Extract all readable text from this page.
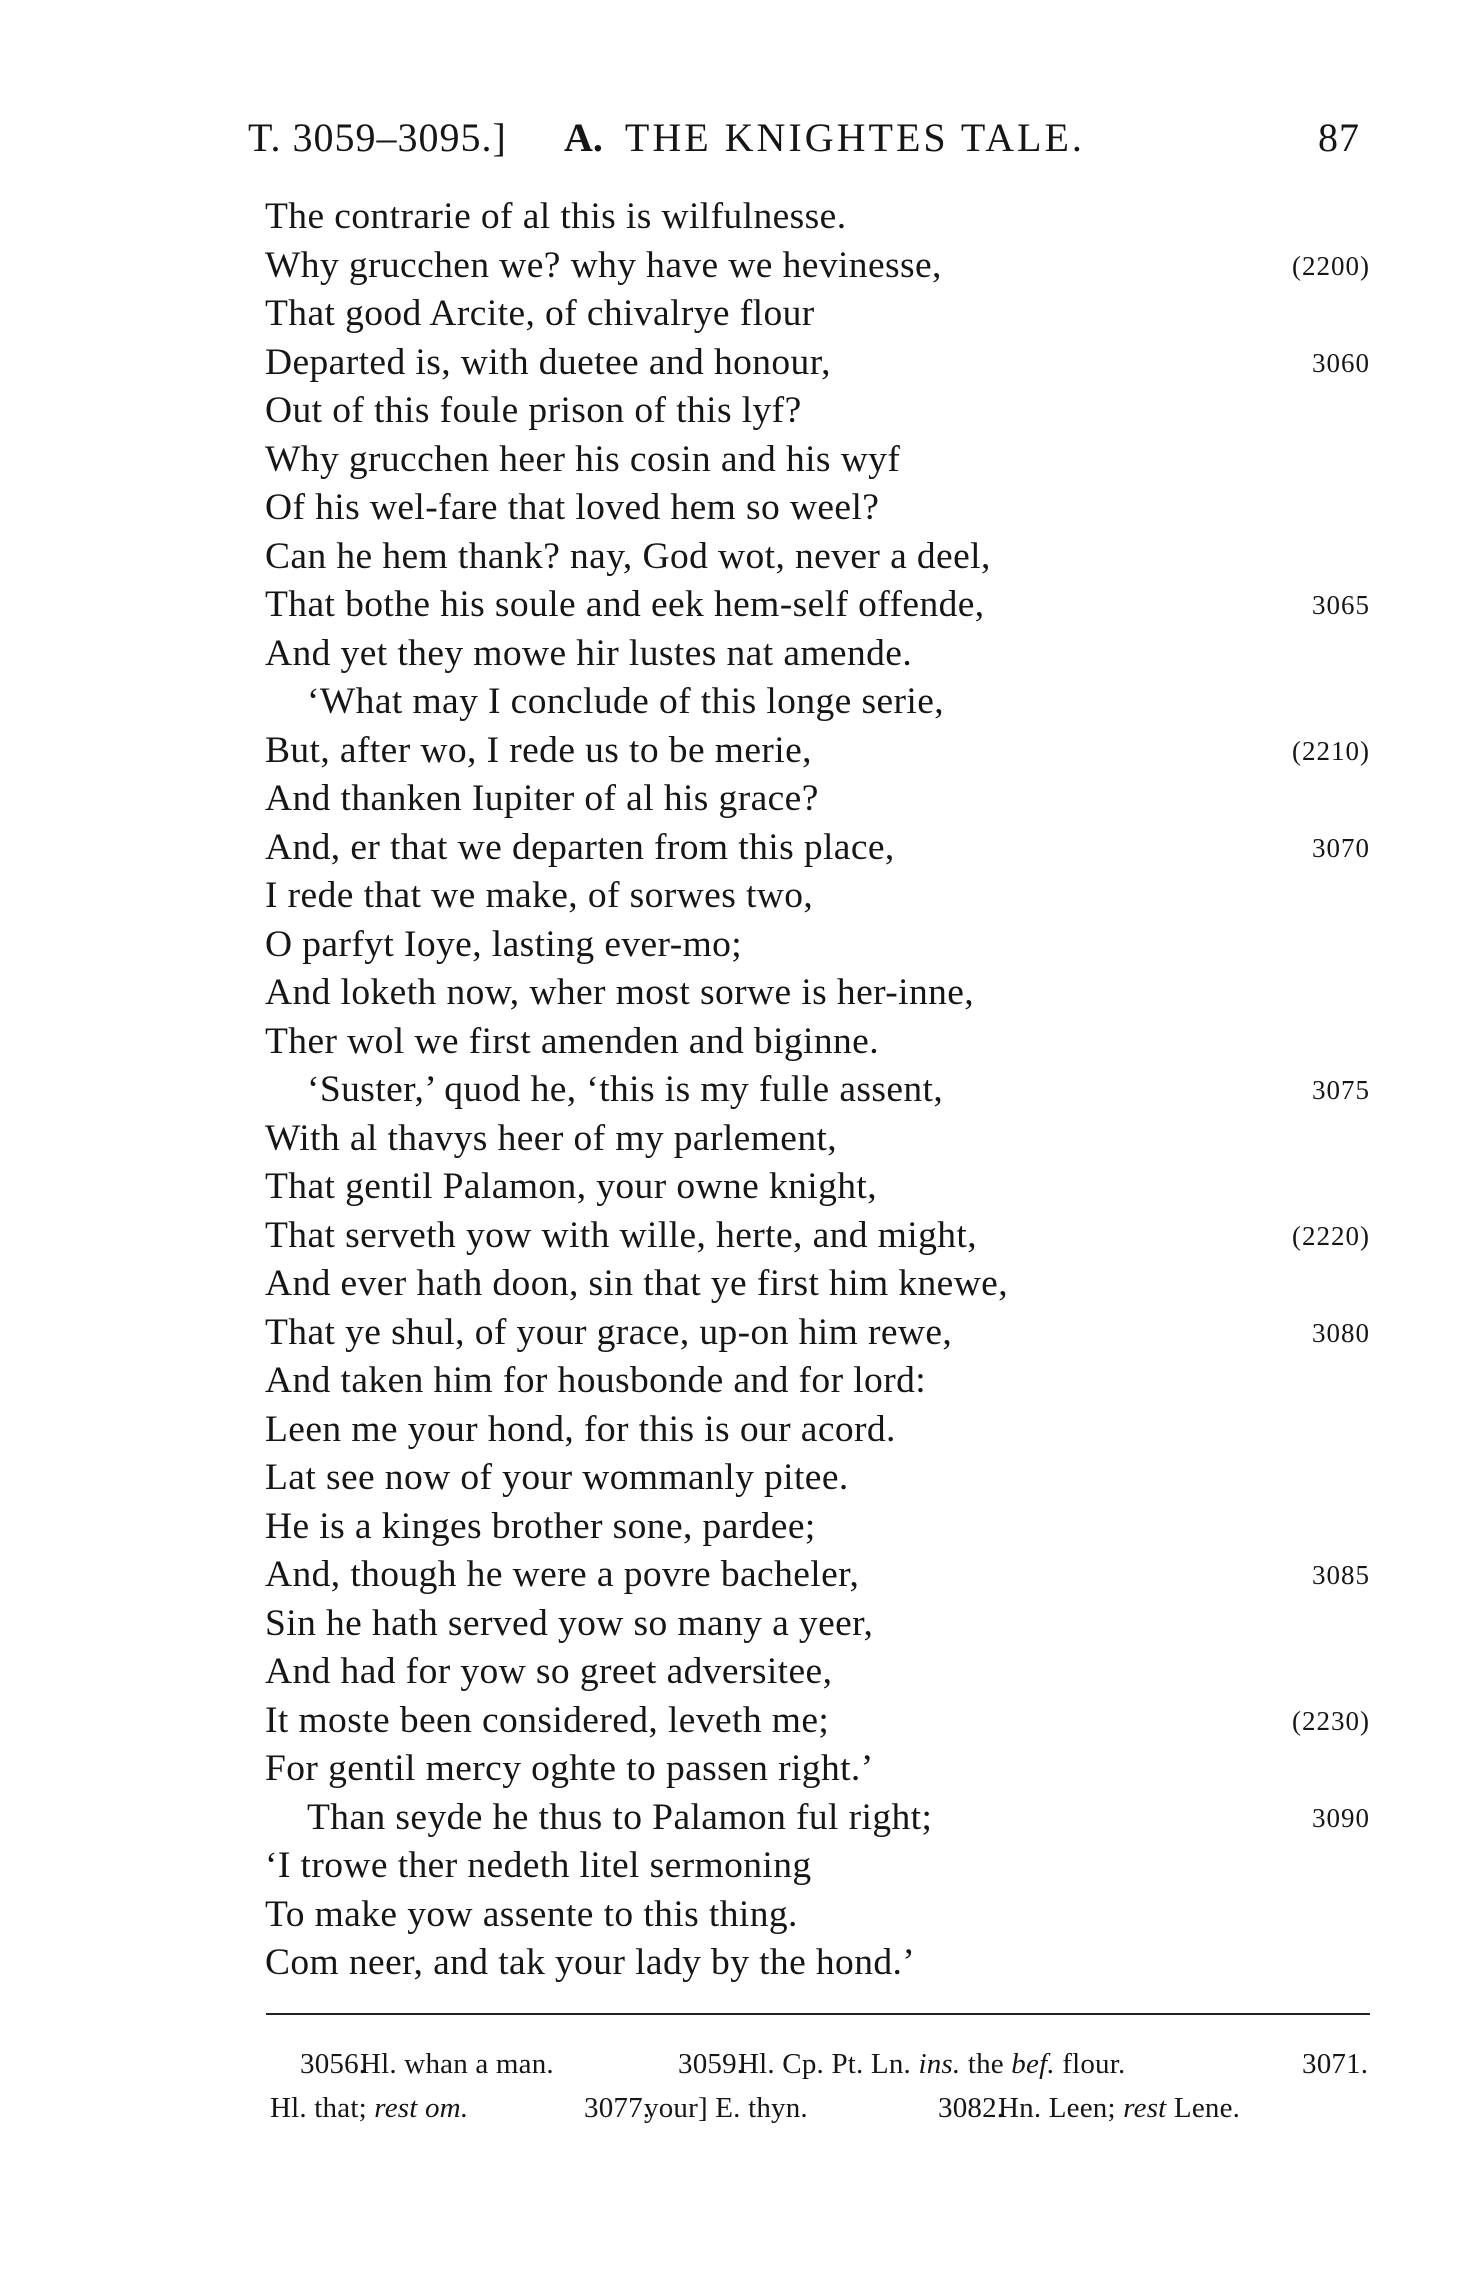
T. 3059–3095.] A. THE KNIGHTES TALE.	87
The contrarie of al this is wilfulnesse.
Why grucchen we? why have we hevinesse,	(2200)
That good Arcite, of chivalrye flour
Departed is, with duetee and honour,	3060
Out of this foule prison of this lyf?
Why grucchen heer his cosin and his wyf
Of his wel-fare that loved hem so weel?
Can he hem thank? nay, God wot, never a deel,
That bothe his soule and eek hem-self offende,	3065
And yet they mowe hir lustes nat amende.
‘What may I conclude of this longe serie,
But, after wo, I rede us to be merie,	(2210)
And thanken Iupiter of al his grace?
And, er that we departen from this place,	3070
I rede that we make, of sorwes two,
O parfyt Ioye, lasting ever-mo;
And loketh now, wher most sorwe is her-inne,
Ther wol we first amenden and biginne.
‘Suster,’ quod he, ‘this is my fulle assent,	3075
With al thavys heer of my parlement,
That gentil Palamon, your owne knight,
That serveth yow with wille, herte, and might,	(2220)
And ever hath doon, sin that ye first him knewe,
That ye shul, of your grace, up-on him rewe,	3080
And taken him for housbonde and for lord:
Leen me your hond, for this is our acord.
Lat see now of your wommanly pitee.
He is a kinges brother sone, pardee;
And, though he were a povre bacheler,	3085
Sin he hath served yow so many a yeer,
And had for yow so greet adversitee,
It moste been considered, leveth me;	(2230)
For gentil mercy oghte to passen right.’
Than seyde he thus to Palamon ful right;	3090
‘I trowe ther nedeth litel sermoning
To make yow assente to this thing.
Com neer, and tak your lady by the hond.’
3056.
Hl. whan a man.	3059.
Hl. Cp. Pt. Ln. ins. the bef. flour.	3071.
Hl. that; rest om.	3077.
your] E. thyn.	3082.
Hn. Leen; rest Lene.
